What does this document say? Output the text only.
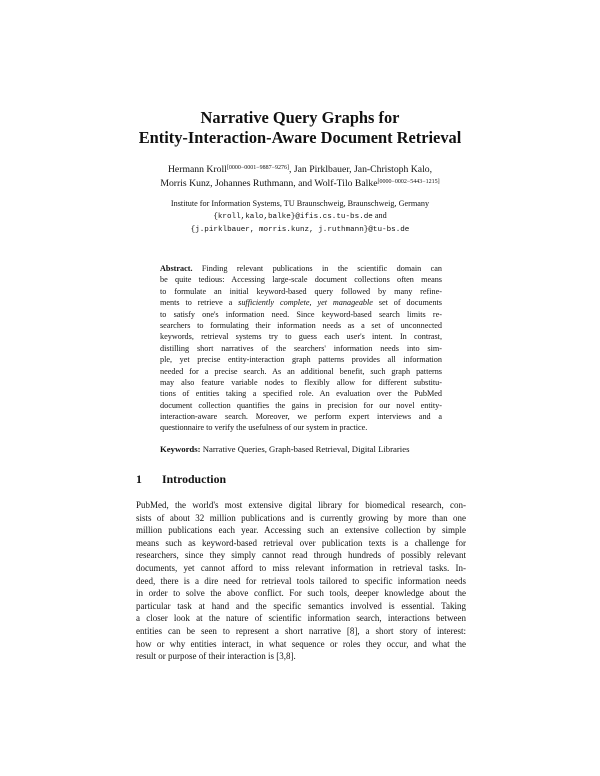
Narrative Query Graphs for
Entity-Interaction-Aware Document Retrieval
Hermann Kroll[0000−0001−9887−9276], Jan Pirklbauer, Jan-Christoph Kalo,
Morris Kunz, Johannes Ruthmann, and Wolf-Tilo Balke[0000−0002−5443−1215]
Institute for Information Systems, TU Braunschweig, Braunschweig, Germany
{kroll,kalo,balke}@ifis.cs.tu-bs.de and
{j.pirklbauer, morris.kunz, j.ruthmann}@tu-bs.de
Abstract. Finding relevant publications in the scientific domain can
be quite tedious: Accessing large-scale document collections often means
to formulate an initial keyword-based query followed by many refine-
ments to retrieve a sufficiently complete, yet manageable set of documents
to satisfy one's information need. Since keyword-based search limits re-
searchers to formulating their information needs as a set of unconnected
keywords, retrieval systems try to guess each user's intent. In contrast,
distilling short narratives of the searchers' information needs into sim-
ple, yet precise entity-interaction graph patterns provides all information
needed for a precise search. As an additional benefit, such graph patterns
may also feature variable nodes to flexibly allow for different substitu-
tions of entities taking a specified role. An evaluation over the PubMed
document collection quantifies the gains in precision for our novel entity-
interaction-aware search. Moreover, we perform expert interviews and a
questionnaire to verify the usefulness of our system in practice.
Keywords: Narrative Queries, Graph-based Retrieval, Digital Libraries
1 Introduction
PubMed, the world's most extensive digital library for biomedical research, con-
sists of about 32 million publications and is currently growing by more than one
million publications each year. Accessing such an extensive collection by simple
means such as keyword-based retrieval over publication texts is a challenge for
researchers, since they simply cannot read through hundreds of possibly relevant
documents, yet cannot afford to miss relevant information in retrieval tasks. In-
deed, there is a dire need for retrieval tools tailored to specific information needs
in order to solve the above conflict. For such tools, deeper knowledge about the
particular task at hand and the specific semantics involved is essential. Taking
a closer look at the nature of scientific information search, interactions between
entities can be seen to represent a short narrative [8], a short story of interest:
how or why entities interact, in what sequence or roles they occur, and what the
result or purpose of their interaction is [3,8].
